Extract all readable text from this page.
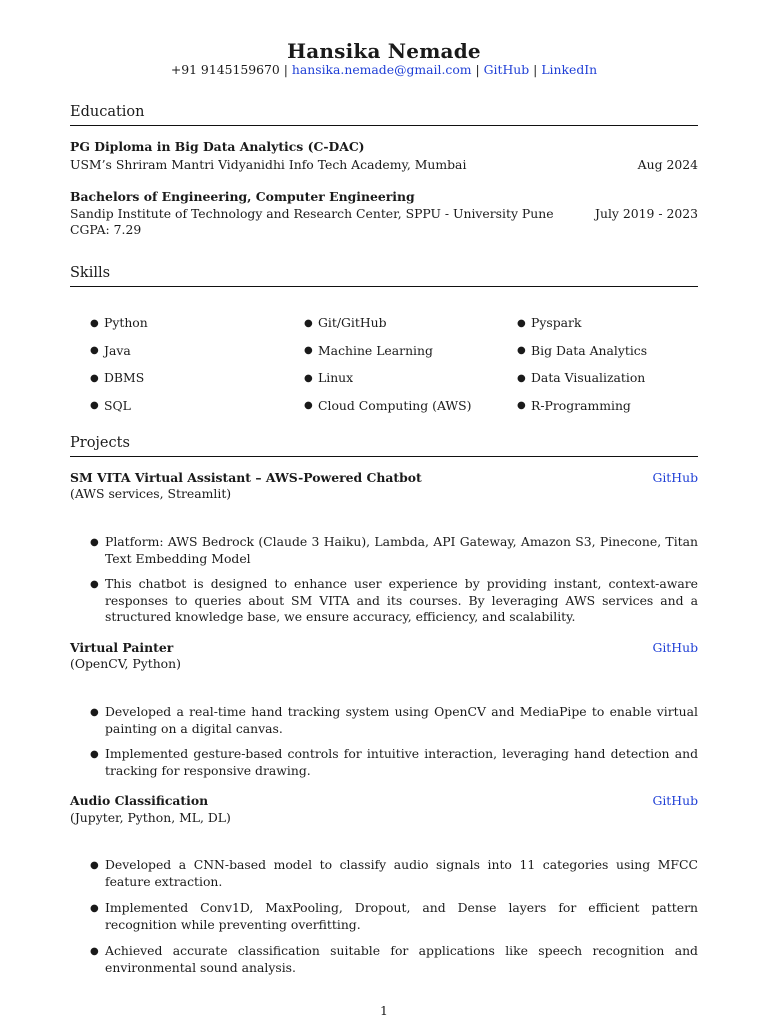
Hansika Nemade
+91 9145159670 | hansika.nemade@gmail.com | GitHub | LinkedIn
Education
PG Diploma in Big Data Analytics (C-DAC)
USM’s Shriram Mantri Vidyanidhi Info Tech Academy, Mumbai	Aug 2024
Bachelors of Engineering, Computer Engineering
Sandip Institute of Technology and Research Center, SPPU - University Pune	July 2019 - 2023
CGPA: 7.29
Skills
● Python
● Java
● DBMS
● SQL
● Git/GitHub
● Machine Learning
● Linux
● Cloud Computing (AWS)
● Pyspark
● Big Data Analytics
● Data Visualization
● R-Programming
Projects
SM VITA Virtual Assistant – AWS-Powered Chatbot	GitHub
(AWS services, Streamlit)
● Platform: AWS Bedrock (Claude 3 Haiku), Lambda, API Gateway, Amazon S3, Pinecone, Titan Text Embedding Model
● This chatbot is designed to enhance user experience by providing instant, context-aware responses to queries about SM VITA and its courses. By leveraging AWS services and a structured knowledge base, we ensure accuracy, efficiency, and scalability.
Virtual Painter	GitHub
(OpenCV, Python)
● Developed a real-time hand tracking system using OpenCV and MediaPipe to enable virtual painting on a digital canvas.
● Implemented gesture-based controls for intuitive interaction, leveraging hand detection and tracking for responsive drawing.
Audio Classification	GitHub
(Jupyter, Python, ML, DL)
● Developed a CNN-based model to classify audio signals into 11 categories using MFCC feature extraction.
● Implemented Conv1D, MaxPooling, Dropout, and Dense layers for efficient pattern recognition while preventing overfitting.
● Achieved accurate classification suitable for applications like speech recognition and environmental sound analysis.
1
